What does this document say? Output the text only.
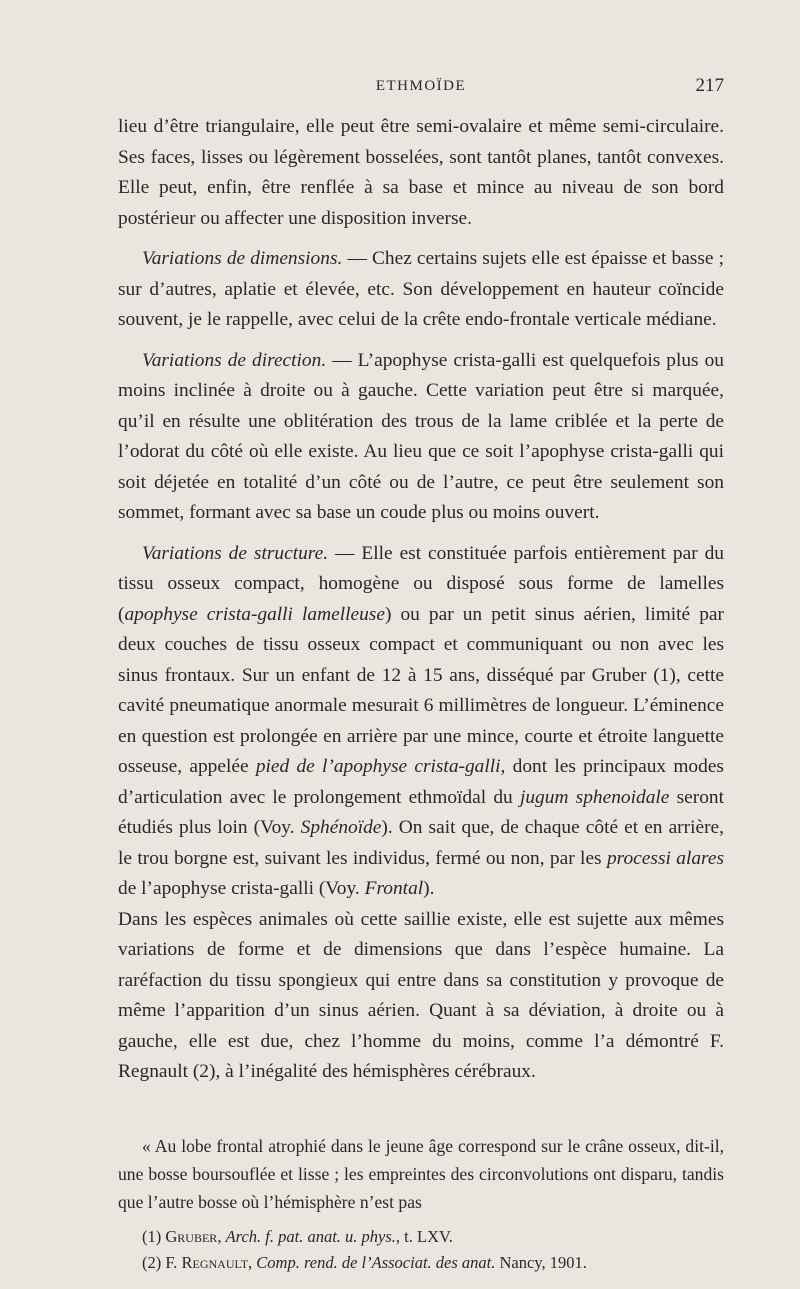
ETHMOÏDE	217

lieu d’être triangulaire, elle peut être semi-ovalaire et même semi-circulaire. Ses faces, lisses ou légèrement bosselées, sont tantôt planes, tantôt convexes. Elle peut, enfin, être renflée à sa base et mince au niveau de son bord postérieur ou affecter une disposition inverse.

Variations de dimensions. — Chez certains sujets elle est épaisse et basse ; sur d’autres, aplatie et élevée, etc. Son développement en hauteur coïncide souvent, je le rappelle, avec celui de la crête endo-frontale verticale médiane.

Variations de direction. — L’apophyse crista-galli est quelquefois plus ou moins inclinée à droite ou à gauche. Cette variation peut être si marquée, qu’il en résulte une oblitération des trous de la lame criblée et la perte de l’odorat du côté où elle existe. Au lieu que ce soit l’apophyse crista-galli qui soit déjetée en totalité d’un côté ou de l’autre, ce peut être seulement son sommet, formant avec sa base un coude plus ou moins ouvert.

Variations de structure. — Elle est constituée parfois entièrement par du tissu osseux compact, homogène ou disposé sous forme de lamelles (apophyse crista-galli lamelleuse) ou par un petit sinus aérien, limité par deux couches de tissu osseux compact et communiquant ou non avec les sinus frontaux. Sur un enfant de 12 à 15 ans, disséqué par Gruber (1), cette cavité pneumatique anormale mesurait 6 millimètres de longueur. L’éminence en question est prolongée en arrière par une mince, courte et étroite languette osseuse, appelée pied de l’apophyse crista-galli, dont les principaux modes d’articulation avec le prolongement ethmoïdal du jugum sphenoidale seront étudiés plus loin (Voy. Sphénoïde). On sait que, de chaque côté et en arrière, le trou borgne est, suivant les individus, fermé ou non, par les processi alares de l’apophyse crista-galli (Voy. Frontal).

Dans les espèces animales où cette saillie existe, elle est sujette aux mêmes variations de forme et de dimensions que dans l’espèce humaine. La raréfaction du tissu spongieux qui entre dans sa constitution y provoque de même l’apparition d’un sinus aérien. Quant à sa déviation, à droite ou à gauche, elle est due, chez l’homme du moins, comme l’a démontré F. Regnault (2), à l’inégalité des hémisphères cérébraux.

« Au lobe frontal atrophié dans le jeune âge correspond sur le crâne osseux, dit-il, une bosse boursouflée et lisse ; les empreintes des circonvolutions ont disparu, tandis que l’autre bosse où l’hémisphère n’est pas

(1) Gruber, Arch. f. pat. anat. u. phys., t. LXV.
(2) F. Regnault, Comp. rend. de l’Associat. des anat. Nancy, 1901.
